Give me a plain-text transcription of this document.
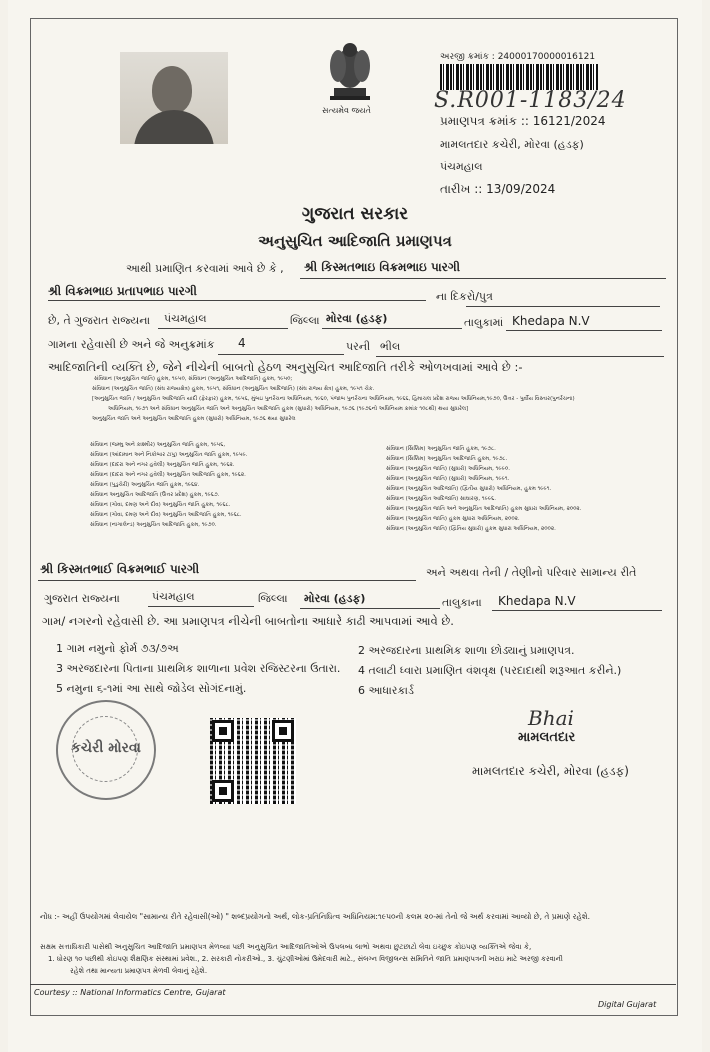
સત્યમેવ જયતે
અરજી ક્રમાંક : 24000170000016121
S.R001-1183/24
પ્રમાણપત્ર ક્રમાંક :: 16121/2024
મામલતદાર કચેરી, મોરવા (હડફ)
પંચમહાલ
તારીખ :: 13/09/2024
ગુજરાત સરકાર
અનુસુચિત આદિજાતિ પ્રમાણપત્ર
આથી પ્રમાણિત કરવામાં આવે છે કે , શ્રી કિસ્મતભાઇ વિક્રમભાઇ પારગી
શ્રી વિક્રમભાઇ પ્રતાપભાઇ પારગી	ના દિકરો/પુત્ર
છે, તે ગુજરાત રાજ્યના પંચમહાલ	જિલ્લા મોરવા (હડફ)	તાલુકામાં Khedapa N.V
ગામના રહેવાસી છે અને જે અનુક્રમાંક 4	પરની ભીલ
આદિજાતિની વ્યક્તિ છે, જેને નીચેની બાબતો હેઠળ અનુસુચિત આદિજાતિ તરીકે ઓળખવામાં આવે છે :-
સંવિધાન (અનુસુચિત જાતિ) હુકમ, ૧૯૫૦, સંવિધાન (અનુસુચિત આદિજાતિ) હુકમ, ૧૯૫૦;
સંવિધાન (અનુસુચિત જાતિ) (સંઘ રાજ્યક્ષેત્ર) હુકમ, ૧૯૫૧, સંવિધાન (અનુસુચિત આદિજાતિ) (સંઘ રાજ્ય ક્ષેત્ર) હુકમ, ૧૯૫૧ ચેક.
[અનુસુચિત જાતિ / અનુસુચિત આદિજાતિ યાદી (ફેરફાર) હુકમ, ૧૯૫૬, મુંબઇ પુનર્રચના અધિનિયમ, ૧૯૬૦, પંજાબ પુનર્રચના અધિનિયમ, ૧૯૬૬, હિમાચલ પ્રદેશ રાજ્ય અધિનિયમ,૧૯૭૦, ઉત્તર - પુર્વીય વિસ્તાર(પુનર્રચના)
અધિનિયમ, ૧૯૭૧ અને સંવિધાન અનુસુચિત જાતિ અને અનુસુચિત આદિજાતિ હુકમ (સુધારો) અધિનિયમ, ૧૯૭૬ (૧૯૭૬નો અધિનિયમ ક્રમાંક ૧૦૮થી) થયા સુધારેલ]
અનુસુચિત જાતિ અને અનુસુચિત આદિજાતિ હુકમ (સુધારો) અધિનિયમ, ૧૯૭૬ થયા સુધારેલ
સંવિધાન (જમ્મુ અને કાશ્મીર) અનુસુચિત જાતિ હુકમ, ૧૯૫૬,
સંવિધાન (આંદામાન અને નિકોબાર ટાપુ) અનુસુચિત જાતિ હુકમ, ૧૯૫૯.
સંવિધાન (દાદરા અને નગર હવેલી) અનુસુચિત જાતિ હુકમ, ૧૯૬૨.
સંવિધાન (દાદરા અને નગર હવેલી) અનુસુચિત આદિજાતિ હુકમ, ૧૯૬૨.
સંવિધાન (પુડુચેરી) અનુસુચિત જાતિ હુકમ, ૧૯૬૪.
સંવિધાન અનુસુચિત આદિજાતિ (ઉત્તર પ્રદેશ) હુકમ, ૧૯૬૭.
સંવિધાન (ગોવા, દમણ અને દીવ) અનુસુચિત જાતિ હુકમ, ૧૯૬૮.
સંવિધાન (ગોવા, દમણ અને દીવ) અનુસુચિત આદિજાતિ હુકમ, ૧૯૬૮.
સંવિધાન (નાગાલેન્ડ) અનુસુચિત આદિજાતિ હુકમ, ૧૯૭૦.
સંવિધાન (સિક્કિમ) અનુસુચિત જાતિ હુકમ, ૧૯૭૮.
સંવિધાન (સિક્કિમ) અનુસુચિત આદિજાતિ હુકમ, ૧૯૭૮.
સંવિધાન (અનુસુચિત જાતિ) (સુધારો) અધિનિયમ, ૧૯૯૦.
સંવિધાન (અનુસુચિત જાતિ) (સુધારો) અધિનિયમ, ૧૯૯૧.
સંવિધાન (અનુસુચિત આદિજાતિ) (દ્વિતીય સુધારો) અધિનિયમ, હુકમ ૧૯૯૧.
સંવિધાન (અનુસુચિત આદિજાતિ) સાઘારણ, ૧૯૯૬.
સંવિધાન (અનુસુચિત જાતિ અને અનુસુચિત આદિજાતિ) હુકમ સુધારા અધિનિયમ, ૨૦૦૨.
સંવિધાન (અનુસુચિત જાતિ) હુકમ સુધારા અધિનિયમ, ૨૦૦૨.
સંવિધાન (અનુસુચિત જાતિ) (દ્વિતિય સુધારો) હુકમ સુધારા અધિનિયમ, ૨૦૦૨.
શ્રી કિસ્મતભાઈ વિક્રમભાઈ પારગી	અને અથવા તેની / તેણીનો પરિવાર સામાન્ય રીતે
ગુજરાત રાજ્યના	પંચમહાલ	જિલ્લા મોરવા (હડફ)	તાલુકાના Khedapa N.V
ગામ/ નગરનો રહેવાસી છે. આ પ્રમાણપત્ર નીચેની બાબતોના આધારે કાઢી આપવામાં આવે છે.
1 ગામ નમુનો ફોર્મ ૭૩/૭અ	2 અરજદારના પ્રાથમિક શાળા છોડ્યાનું પ્રમાણપત્ર.
3 અરજદારના પિતાના પ્રાથમિક શાળાના પ્રવેશ રજિસ્ટરના ઉતારા. 4 તલાટી ધ્વારા પ્રમાણિત વંશવૃક્ષ (પરદાદાથી શરૂઆત કરીને.)
5 નમુના ૬-૧માં આ સાથે જોડેલ સોગંદનામું.	6 આધારકાર્ડ
કચેરી મોરવા
Bhai
મામલતદાર
મામલતદાર કચેરી, મોરવા (હડફ)
નોંધ :- અહીં ઉપયોગમાં લેવાયેલ "સામાન્ય રીતે રહેવાસી(ઓ) " શબ્દપ્રયોગનો અર્થ, લોક-પ્રતિનિધિત્વ અધિનિયમ:૧૯૫૦ની કલમ ૨૦-માં તેનો જે અર્થ કરવામાં આવ્યો છે, તે પ્રમાણે રહેશે.
સક્ષમ સત્તાધિકારી પાસેથી અનુસુચિત આદિજાતિ પ્રમાણપત્ર મેળવ્યા પછી અનુસુચિત આદિજાતિઓએ ઉપલબ્ધ લાભો અથવા છુટછાટો લેવા ઇચ્છુક કોઇપણ વ્યક્તિએ જેવા કે,
1. ધોરણ ૧૦ પછીથી કોઇપણ શૈક્ષણિક સંસ્થામાં પ્રવેશ., 2. સરકારી નોકરીઓ., 3. ચુંટણીઓમાં ઉમેદવારી માટે., સંલગ્ન વિજીલન્સ સમિતિને જાતિ પ્રમાણપત્રની ખરાઇ માટે અરજી કરવાની
રહેશે તથા માન્યતા પ્રમાણપત્ર મેળવી લેવાનું રહેશે.
Courtesy :: National Informatics Centre, Gujarat
Digital Gujarat
